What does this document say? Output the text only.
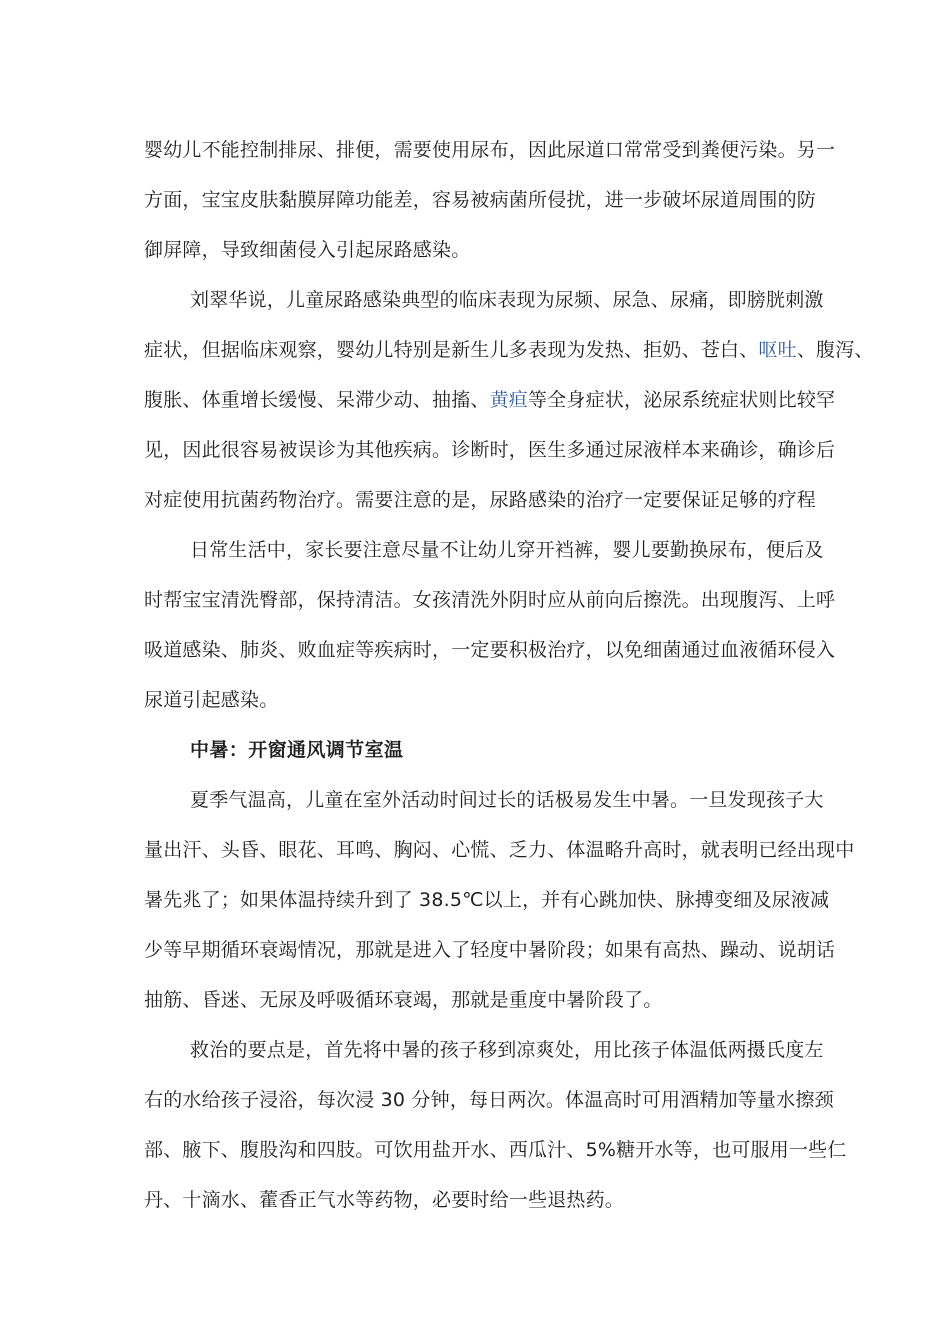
婴幼儿不能控制排尿、排便，需要使用尿布，因此尿道口常常受到粪便污染。另一
方面，宝宝皮肤黏膜屏障功能差，容易被病菌所侵扰，进一步破坏尿道周围的防
御屏障，导致细菌侵入引起尿路感染。
刘翠华说，儿童尿路感染典型的临床表现为尿频、尿急、尿痛，即膀胱刺激
症状，但据临床观察，婴幼儿特别是新生儿多表现为发热、拒奶、苍白、呕吐、腹泻、
腹胀、体重增长缓慢、呆滞少动、抽搐、黄疸等全身症状，泌尿系统症状则比较罕
见，因此很容易被误诊为其他疾病。诊断时，医生多通过尿液样本来确诊，确诊后
对症使用抗菌药物治疗。需要注意的是，尿路感染的治疗一定要保证足够的疗程
日常生活中，家长要注意尽量不让幼儿穿开裆裤，婴儿要勤换尿布，便后及
时帮宝宝清洗臀部，保持清洁。女孩清洗外阴时应从前向后擦洗。出现腹泻、上呼
吸道感染、肺炎、败血症等疾病时，一定要积极治疗，以免细菌通过血液循环侵入
尿道引起感染。
中暑：开窗通风调节室温
夏季气温高，儿童在室外活动时间过长的话极易发生中暑。一旦发现孩子大
量出汗、头昏、眼花、耳鸣、胸闷、心慌、乏力、体温略升高时，就表明已经出现中
暑先兆了；如果体温持续升到了 38.5℃以上，并有心跳加快、脉搏变细及尿液减
少等早期循环衰竭情况，那就是进入了轻度中暑阶段；如果有高热、躁动、说胡话
抽筋、昏迷、无尿及呼吸循环衰竭，那就是重度中暑阶段了。
救治的要点是，首先将中暑的孩子移到凉爽处，用比孩子体温低两摄氏度左
右的水给孩子浸浴，每次浸 30 分钟，每日两次。体温高时可用酒精加等量水擦颈
部、腋下、腹股沟和四肢。可饮用盐开水、西瓜汁、5%糖开水等，也可服用一些仁
丹、十滴水、藿香正气水等药物，必要时给一些退热药。
